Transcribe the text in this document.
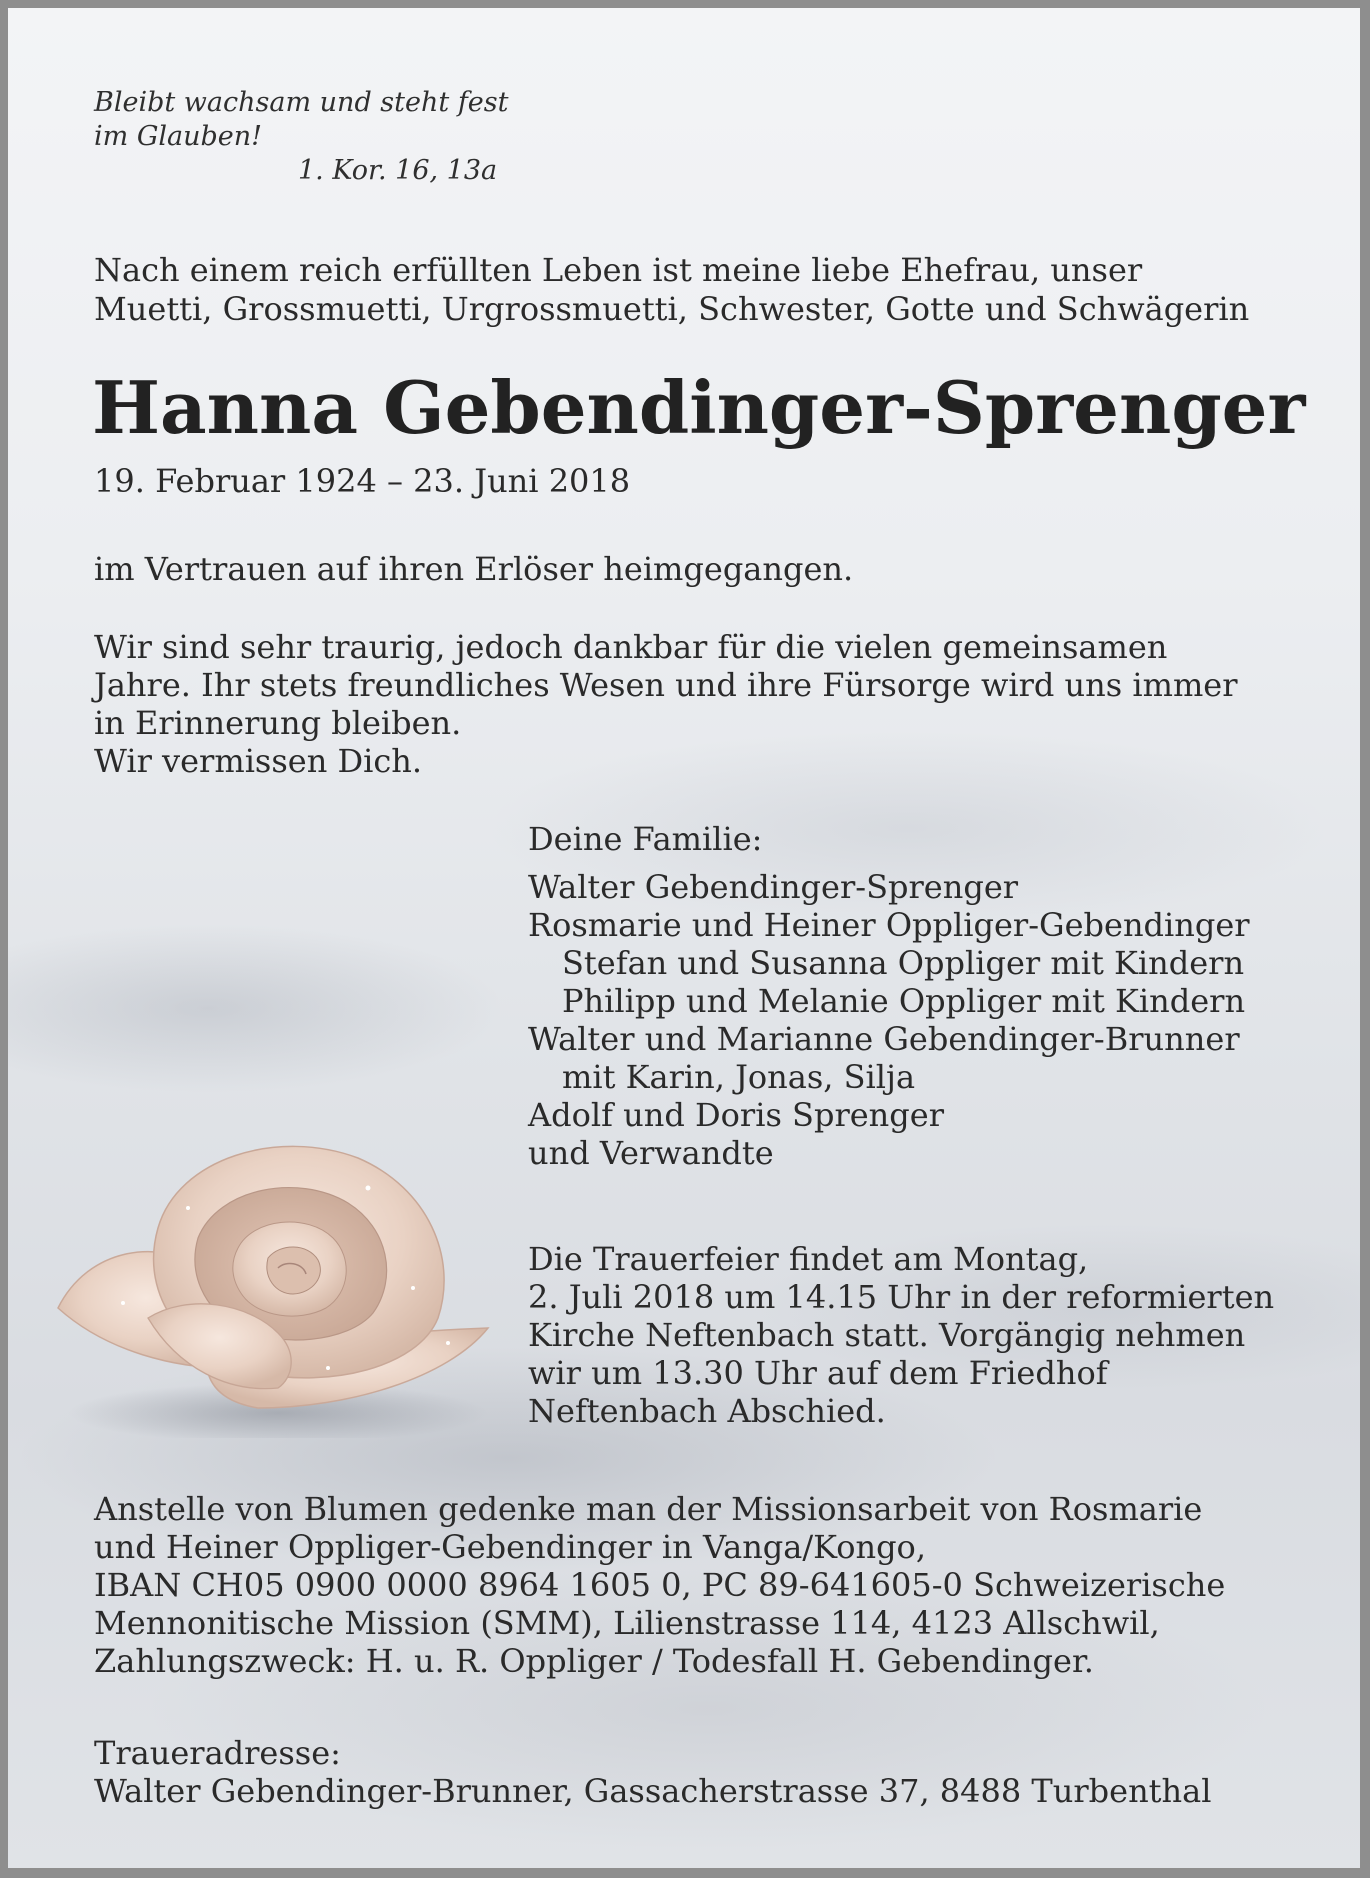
Bleibt wachsam und steht fest
im Glauben!
1. Kor. 16, 13a
Nach einem reich erfüllten Leben ist meine liebe Ehefrau, unser
Muetti, Grossmuetti, Urgrossmuetti, Schwester, Gotte und Schwägerin
Hanna Gebendinger-Sprenger
19. Februar 1924 – 23. Juni 2018
im Vertrauen auf ihren Erlöser heimgegangen.
Wir sind sehr traurig, jedoch dankbar für die vielen gemeinsamen
Jahre. Ihr stets freundliches Wesen und ihre Fürsorge wird uns immer
in Erinnerung bleiben.
Wir vermissen Dich.
Deine Familie:
Walter Gebendinger-Sprenger
Rosmarie und Heiner Oppliger-Gebendinger
Stefan und Susanna Oppliger mit Kindern
Philipp und Melanie Oppliger mit Kindern
Walter und Marianne Gebendinger-Brunner
mit Karin, Jonas, Silja
Adolf und Doris Sprenger
und Verwandte
Die Trauerfeier findet am Montag,
2. Juli 2018 um 14.15 Uhr in der reformierten
Kirche Neftenbach statt. Vorgängig nehmen
wir um 13.30 Uhr auf dem Friedhof
Neftenbach Abschied.
Anstelle von Blumen gedenke man der Missionsarbeit von Rosmarie
und Heiner Oppliger-Gebendinger in Vanga/Kongo,
IBAN CH05 0900 0000 8964 1605 0, PC 89-641605-0 Schweizerische
Mennonitische Mission (SMM), Lilienstrasse 114, 4123 Allschwil,
Zahlungszweck: H. u. R. Oppliger / Todesfall H. Gebendinger.
Traueradresse:
Walter Gebendinger-Brunner, Gassacherstrasse 37, 8488 Turbenthal
